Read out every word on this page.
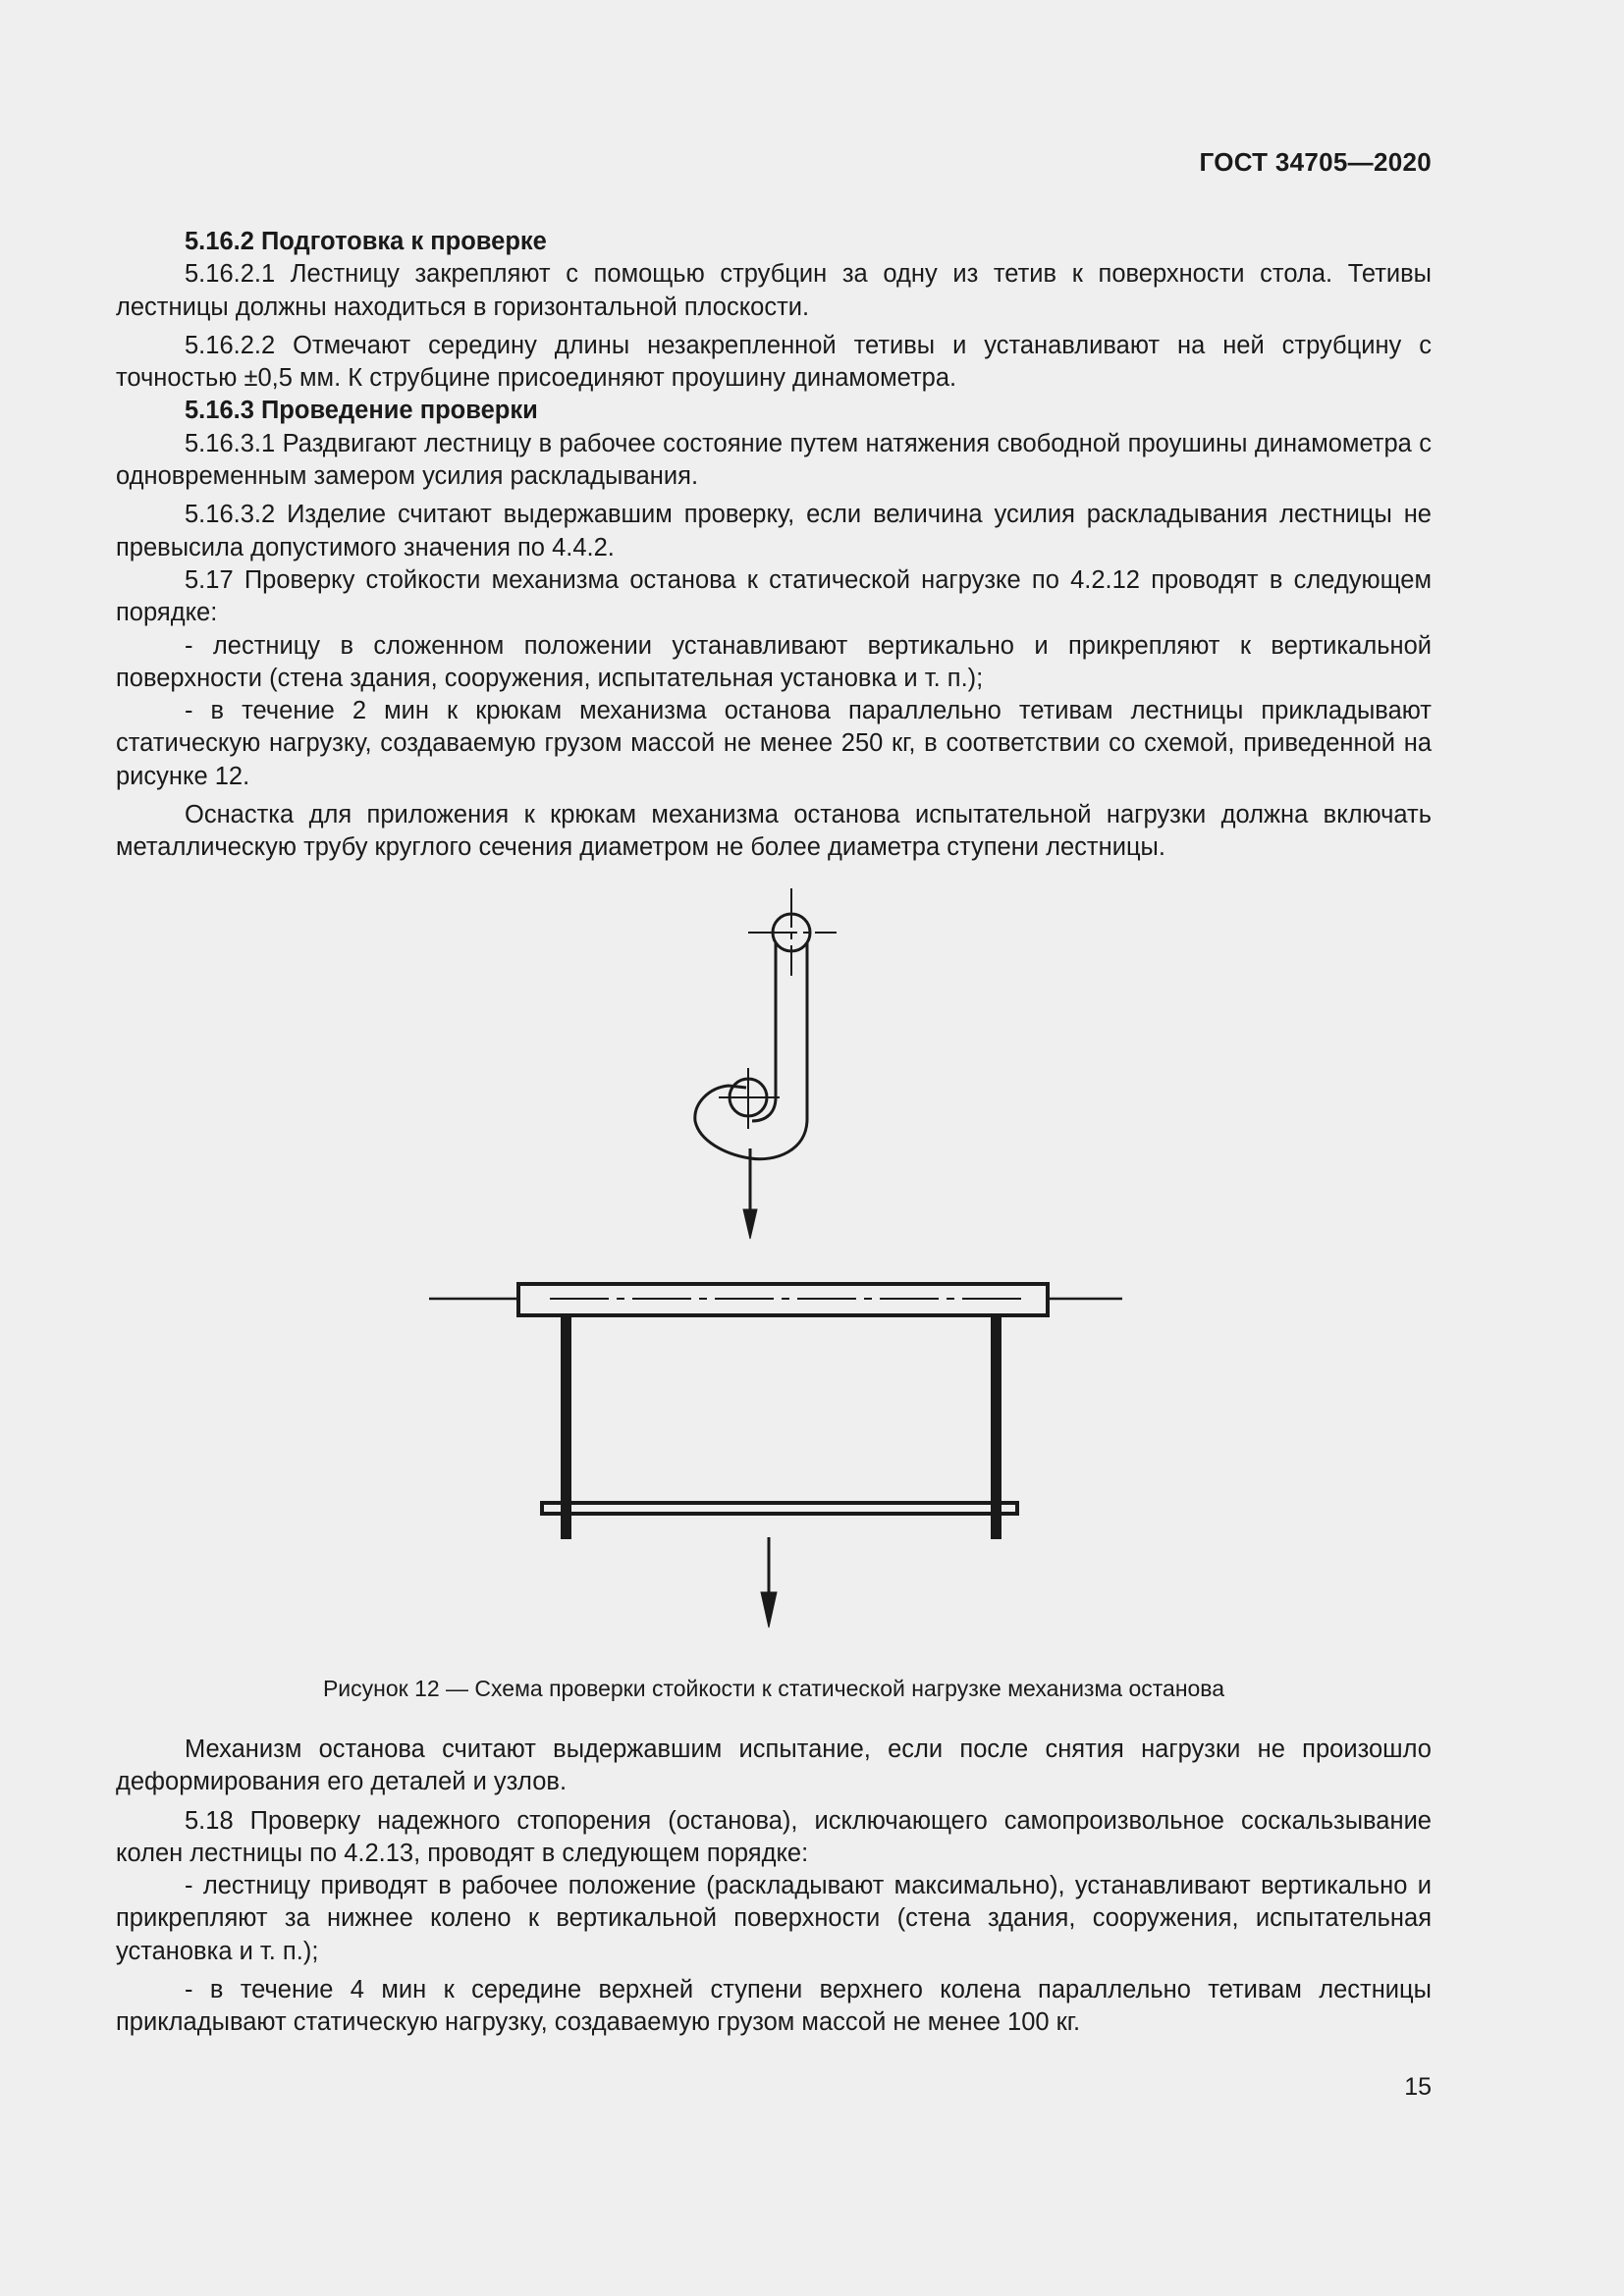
ГОСТ 34705—2020

5.16.2 Подготовка к проверке

5.16.2.1 Лестницу закрепляют с помощью струбцин за одну из тетив к поверхности стола. Тетивы лестницы должны находиться в горизонтальной плоскости.

5.16.2.2 Отмечают середину длины незакрепленной тетивы и устанавливают на ней струбцину с точностью ±0,5 мм. К струбцине присоединяют проушину динамометра.

5.16.3 Проведение проверки

5.16.3.1 Раздвигают лестницу в рабочее состояние путем натяжения свободной проушины динамометра с одновременным замером усилия раскладывания.

5.16.3.2 Изделие считают выдержавшим проверку, если величина усилия раскладывания лестницы не превысила допустимого значения по 4.4.2.

5.17 Проверку стойкости механизма останова к статической нагрузке по 4.2.12 проводят в следующем порядке:

- лестницу в сложенном положении устанавливают вертикально и прикрепляют к вертикальной поверхности (стена здания, сооружения, испытательная установка и т. п.);

- в течение 2 мин к крюкам механизма останова параллельно тетивам лестницы прикладывают статическую нагрузку, создаваемую грузом массой не менее 250 кг, в соответствии со схемой, приведенной на рисунке 12.

Оснастка для приложения к крюкам механизма останова испытательной нагрузки должна включать металлическую трубу круглого сечения диаметром не более диаметра ступени лестницы.

Рисунок 12 — Схема проверки стойкости к статической нагрузке механизма останова

Механизм останова считают выдержавшим испытание, если после снятия нагрузки не произошло деформирования его деталей и узлов.

5.18 Проверку надежного стопорения (останова), исключающего самопроизвольное соскальзывание колен лестницы по 4.2.13, проводят в следующем порядке:

- лестницу приводят в рабочее положение (раскладывают максимально), устанавливают вертикально и прикрепляют за нижнее колено к вертикальной поверхности (стена здания, сооружения, испытательная установка и т. п.);

- в течение 4 мин к середине верхней ступени верхнего колена параллельно тетивам лестницы прикладывают статическую нагрузку, создаваемую грузом массой не менее 100 кг.

15
